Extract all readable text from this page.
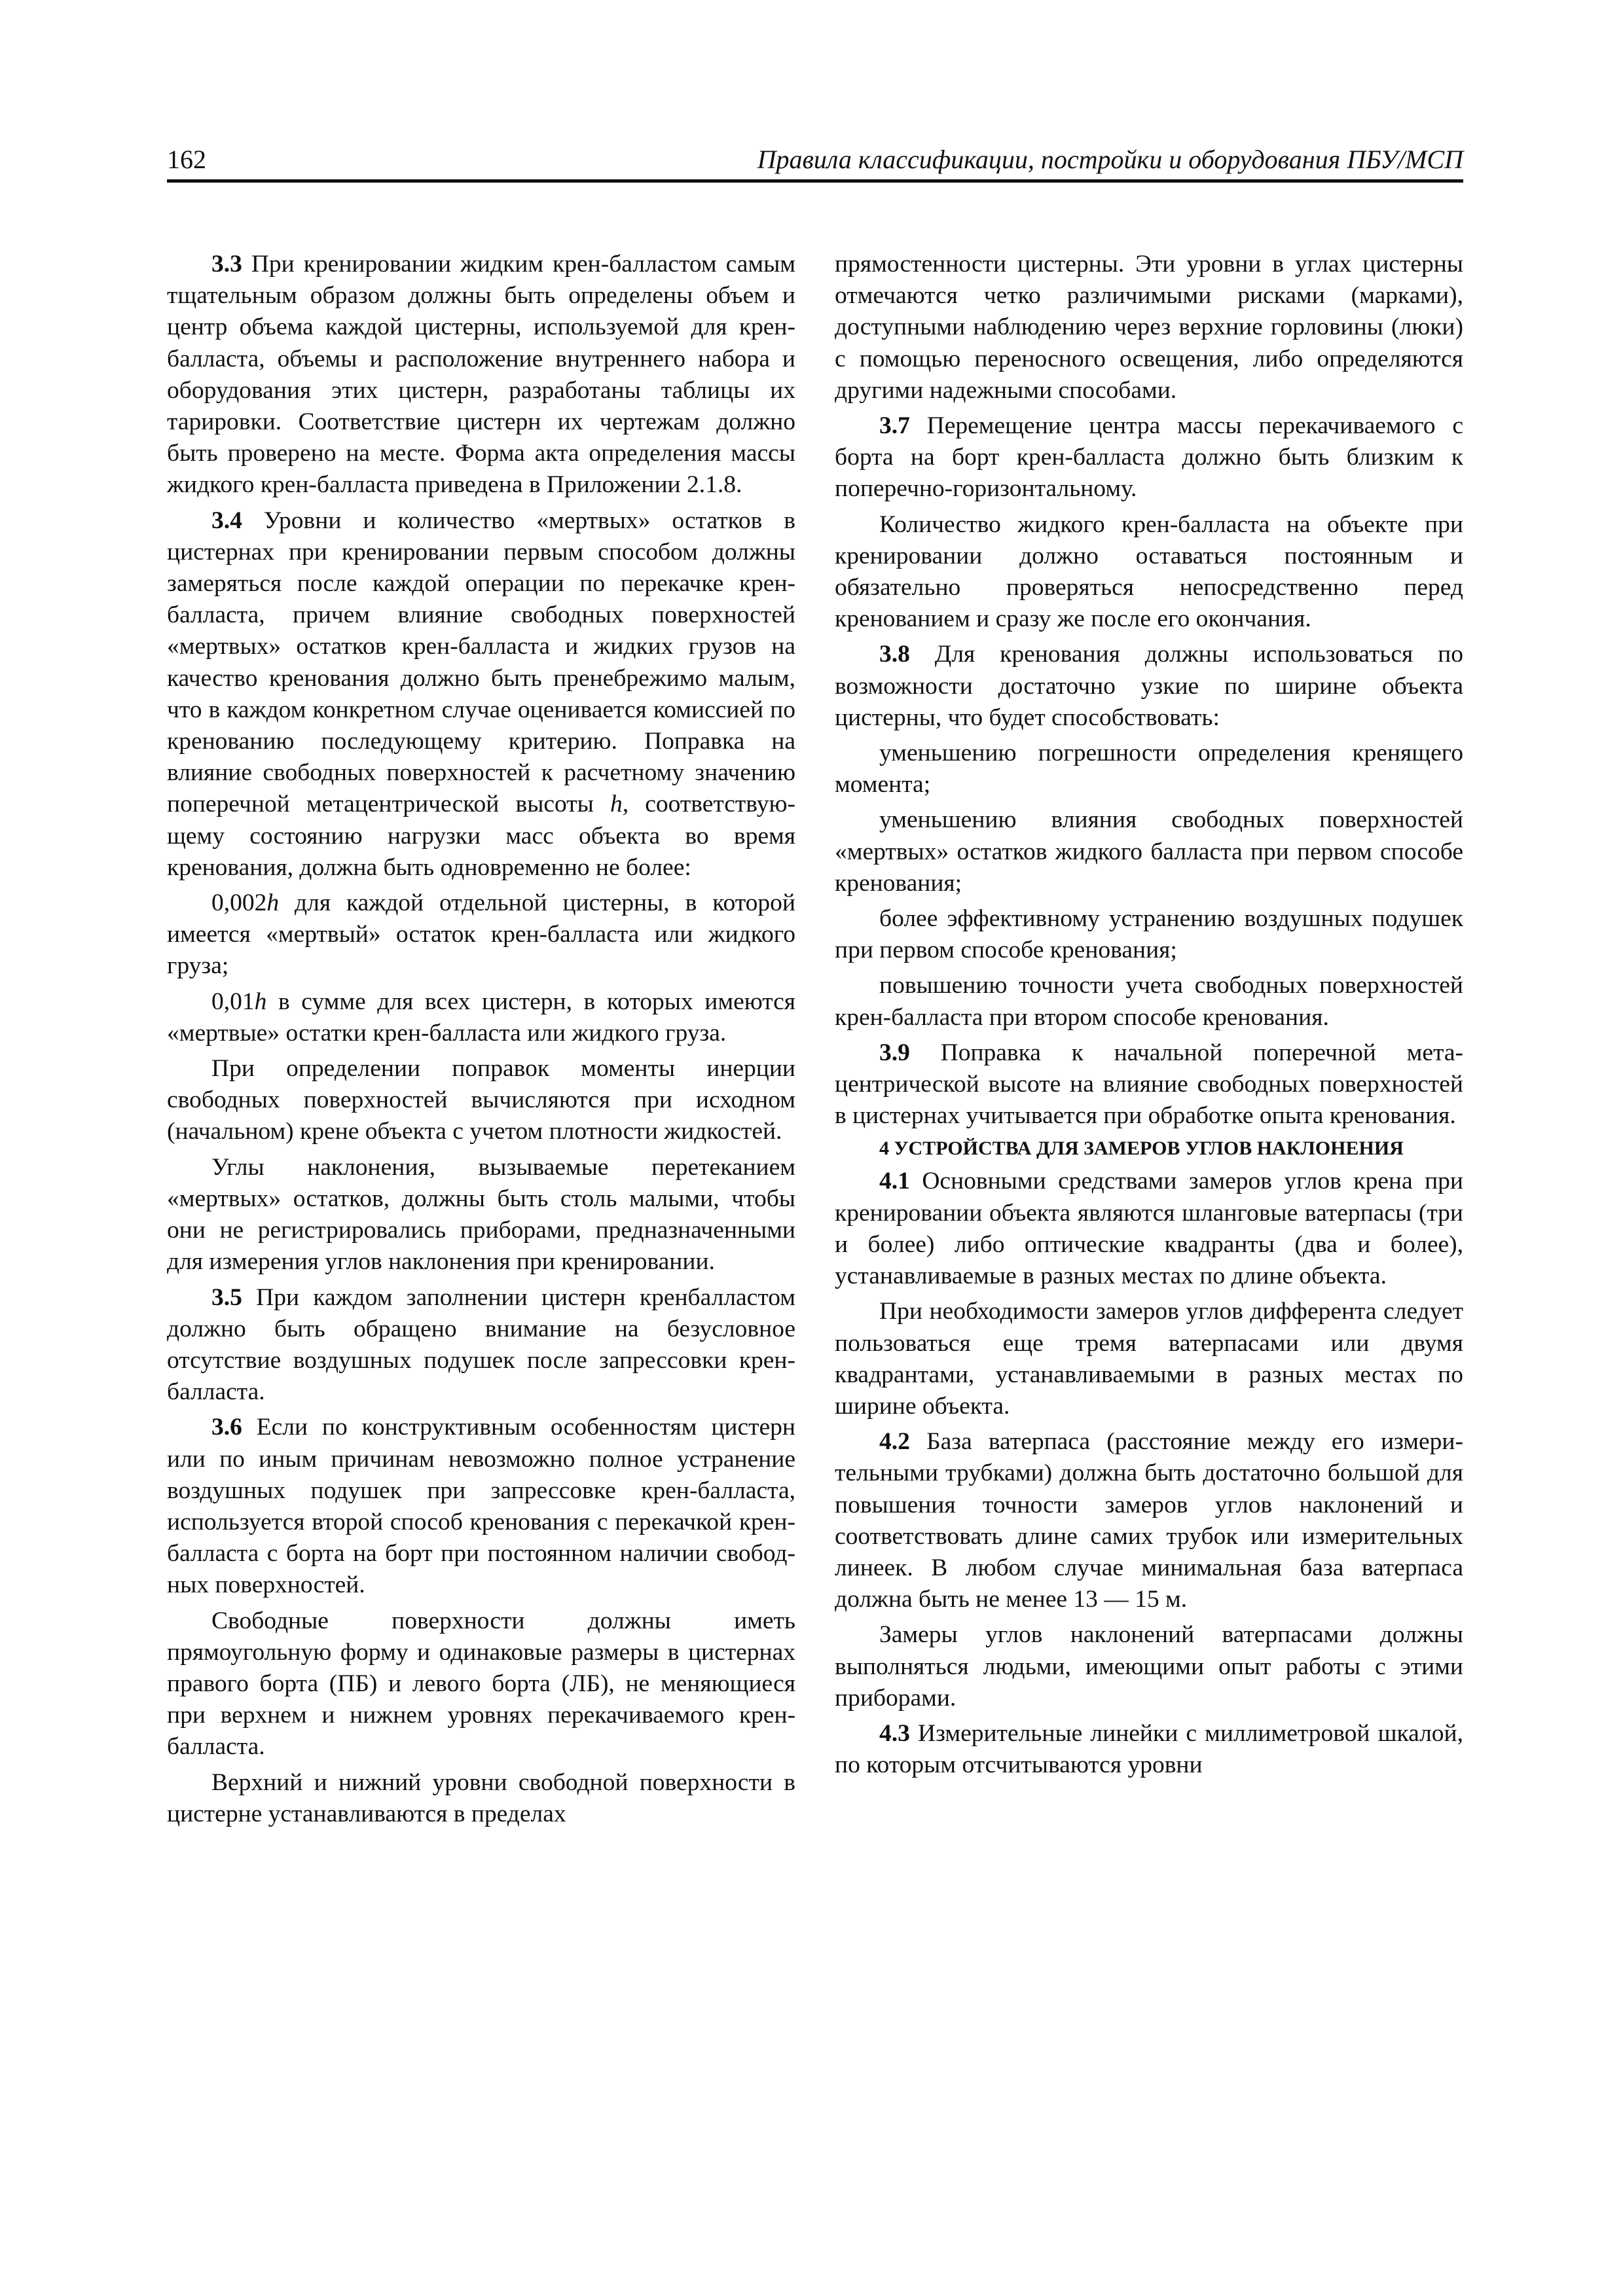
162	Правила классификации, постройки и оборудования ПБУ/МСП

3.3 При кренировании жидким крен-балластом самым тщательным образом должны быть определены объем и центр объема каждой цистерны, используемой для крен-балласта, объемы и расположение внутреннего набора и оборудования этих цистерн, разработаны таблицы их тарировки. Соответствие цистерн их чертежам должно быть проверено на месте. Форма акта определения массы жидкого крен-балласта приведена в Приложении 2.1.8.

3.4 Уровни и количество «мертвых» остатков в цистернах при кренировании первым способом должны замеряться после каждой операции по перекачке крен-балласта, причем влияние свободных поверхностей «мертвых» остатков крен-балласта и жидких грузов на качество кренования должно быть пренебрежимо малым, что в каждом конкретном случае оценивается комиссией по кренованию последующему критерию. Поправка на влияние свободных поверхностей к расчетному значению поперечной метацентрической высоты h, соответствующему состоянию нагрузки масс объекта во время кренования, должна быть одновременно не более:

0,002h для каждой отдельной цистерны, в которой имеется «мертвый» остаток крен-балласта или жидкого груза;

0,01h в сумме для всех цистерн, в которых имеются «мертвые» остатки крен-балласта или жидкого груза.

При определении поправок моменты инерции свободных поверхностей вычисляются при исходном (начальном) крене объекта с учетом плотности жидкостей.

Углы наклонения, вызываемые перетеканием «мертвых» остатков, должны быть столь малыми, чтобы они не регистрировались приборами, предназначенными для измерения углов наклонения при кренировании.

3.5 При каждом заполнении цистерн кренбалластом должно быть обращено внимание на безусловное отсутствие воздушных подушек после запрессовки крен-балласта.

3.6 Если по конструктивным особенностям цистерн или по иным причинам невозможно полное устранение воздушных подушек при запрессовке крен-балласта, используется второй способ кренования с перекачкой крен-балласта с борта на борт при постоянном наличии свободных поверхностей.

Свободные поверхности должны иметь прямоугольную форму и одинаковые размеры в цистернах правого борта (ПБ) и левого борта (ЛБ), не меняющиеся при верхнем и нижнем уровнях перекачиваемого крен-балласта.

Верхний и нижний уровни свободной поверхности в цистерне устанавливаются в пределах

прямостенности цистерны. Эти уровни в углах цистерны отмечаются четко различимыми рисками (марками), доступными наблюдению через верхние горловины (люки) с помощью переносного освещения, либо определяются другими надежными способами.

3.7 Перемещение центра массы перекачиваемого с борта на борт крен-балласта должно быть близким к поперечно-горизонтальному.

Количество жидкого крен-балласта на объекте при кренировании должно оставаться постоянным и обязательно проверяться непосредственно перед кренованием и сразу же после его окончания.

3.8 Для кренования должны использоваться по возможности достаточно узкие по ширине объекта цистерны, что будет способствовать:

уменьшению погрешности определения кренящего момента;

уменьшению влияния свободных поверхностей «мертвых» остатков жидкого балласта при первом способе кренования;

более эффективному устранению воздушных подушек при первом способе кренования;

повышению точности учета свободных поверхностей крен-балласта при втором способе кренования.

3.9 Поправка к начальной поперечной метацентрической высоте на влияние свободных поверхностей в цистернах учитывается при обработке опыта кренования.

4 УСТРОЙСТВА ДЛЯ ЗАМЕРОВ УГЛОВ НАКЛОНЕНИЯ

4.1 Основными средствами замеров углов крена при кренировании объекта являются шланговые ватерпасы (три и более) либо оптические квадранты (два и более), устанавливаемые в разных местах по длине объекта.

При необходимости замеров углов дифферента следует пользоваться еще тремя ватерпасами или двумя квадрантами, устанавливаемыми в разных местах по ширине объекта.

4.2 База ватерпаса (расстояние между его измерительными трубками) должна быть достаточно большой для повышения точности замеров углов наклонений и соответствовать длине самих трубок или измерительных линеек. В любом случае минимальная база ватерпаса должна быть не менее 13 — 15 м.

Замеры углов наклонений ватерпасами должны выполняться людьми, имеющими опыт работы с этими приборами.

4.3 Измерительные линейки с миллиметровой шкалой, по которым отсчитываются уровни
